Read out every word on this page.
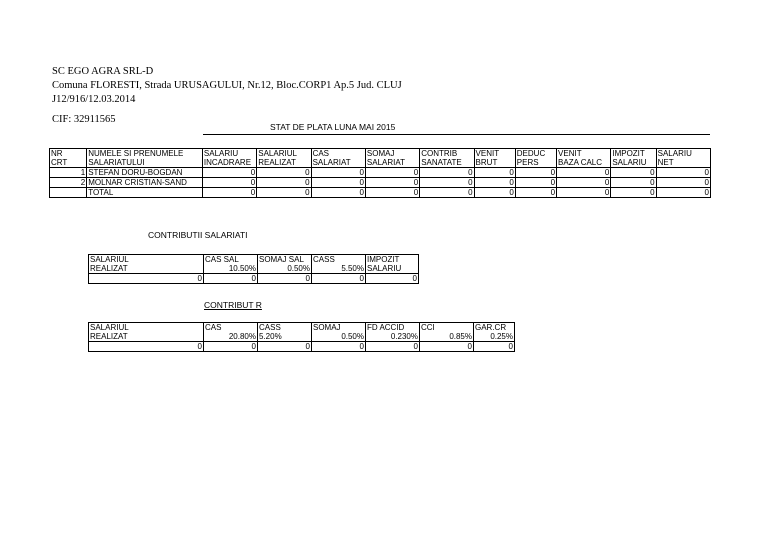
SC EGO AGRA SRL-D
Comuna FLORESTI, Strada URUSAGULUI, Nr.12, Bloc.CORP1 Ap.5 Jud. CLUJ
J12/916/12.03.2014
CIF: 32911565
STAT DE PLATA LUNA MAI 2015
NR	NUMELE SI PRENUMELE	SALARIU	SALARIUL	CAS	SOMAJ	CONTRIB	VENIT	DEDUC	VENIT	IMPOZIT	SALARIU
CRT	SALARIATULUI	INCADRARE	REALIZAT	SALARIAT	SALARIAT	SANATATE	BRUT	PERS	BAZA CALC	SALARIU	NET
1	STEFAN DORU-BOGDAN	0	0	0	0	0	0	0	0	0	0
2	MOLNAR CRISTIAN-SAND	0	0	0	0	0	0	0	0	0	0
	TOTAL	0	0	0	0	0	0	0	0	0	0
CONTRIBUTII SALARIATI
SALARIUL	CAS SAL	SOMAJ SAL	CASS	IMPOZIT
REALIZAT	10.50%	0.50%	5.50%	SALARIU
0	0	0	0	0
CONTRIBUT R
SALARIUL	CAS	CASS	SOMAJ	FD ACCID	CCI	GAR.CR
REALIZAT	20.80%	5.20%	0.50%	0.230%	0.85%	0.25%
0	0	0	0	0	0	0
